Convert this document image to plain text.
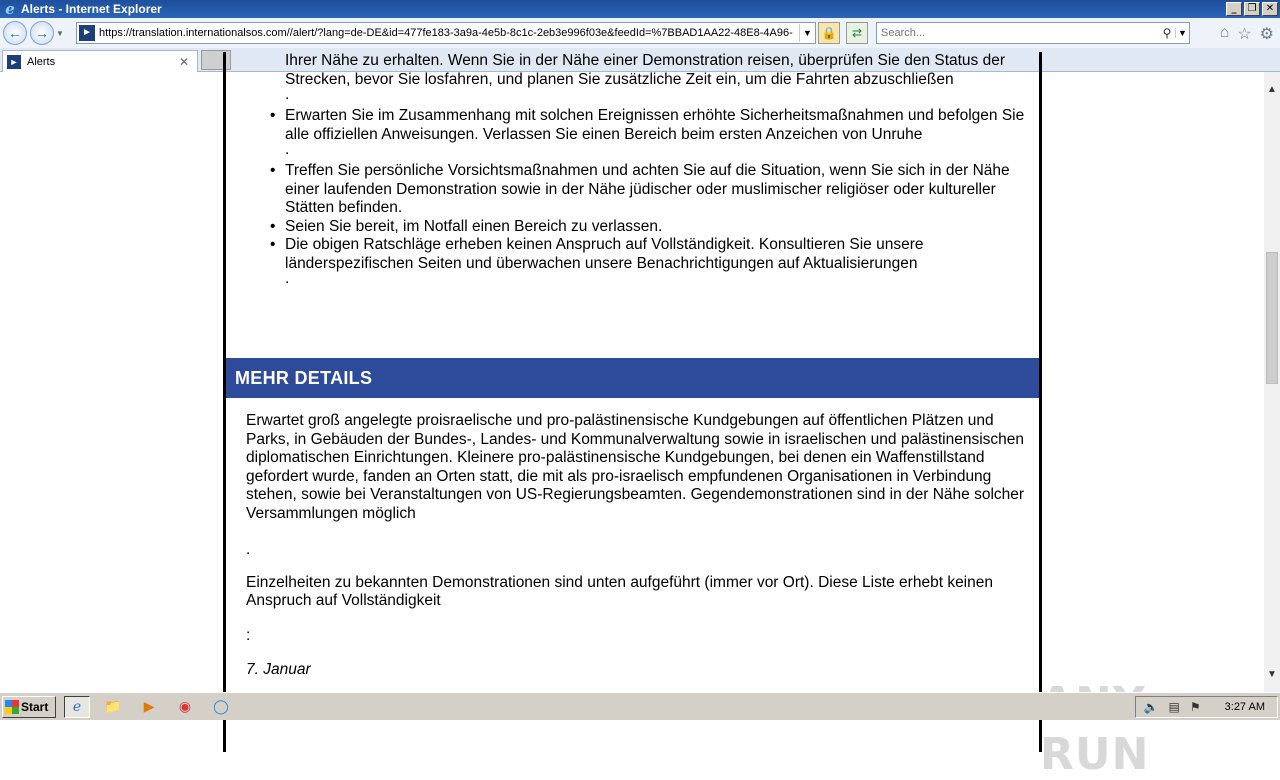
e Alerts - Internet Explorer	_	❐ ✕
← → ▼	► https://translation.internationalsos.com//alert/?lang=de-DE&id=477fe183-3a9a-4e5b-8c1c-2eb3e996f03e&feedId=%7BBAD1AA22-48E8-4A96-	▼ 🔒	⇄
Search...	⚲ ▼ ⌂ ☆ ⚙
► Alerts	✕	Ihrer Nähe zu erhalten. Wenn Sie in der Nähe einer Demonstration reisen, überprüfen Sie den Status der Strecken, bevor Sie losfahren, und planen Sie zusätzliche Zeit ein, um die Fahrten abzuschließen
.
• Erwarten Sie im Zusammenhang mit solchen Ereignissen erhöhte Sicherheitsmaßnahmen und befolgen Sie alle offiziellen Anweisungen. Verlassen Sie einen Bereich beim ersten Anzeichen von Unruhe
.
• Treffen Sie persönliche Vorsichtsmaßnahmen und achten Sie auf die Situation, wenn Sie sich in der Nähe einer laufenden Demonstration sowie in der Nähe jüdischer oder muslimischer religiöser oder kultureller Stätten befinden.
• Seien Sie bereit, im Notfall einen Bereich zu verlassen.
• Die obigen Ratschläge erheben keinen Anspruch auf Vollständigkeit. Konsultieren Sie unsere länderspezifischen Seiten und überwachen unsere Benachrichtigungen auf Aktualisierungen
.
MEHR DETAILS

Erwartet groß angelegte proisraelische und pro-palästinensische Kundgebungen auf öffentlichen Plätzen und Parks, in Gebäuden der Bundes-, Landes- und Kommunalverwaltung sowie in israelischen und palästinensischen diplomatischen Einrichtungen. Kleinere pro-palästinensische Kundgebungen, bei denen ein Waffenstillstand gefordert wurde, fanden an Orten statt, die mit als pro-israelisch empfundenen Organisationen in Verbindung stehen, sowie bei Veranstaltungen von US-Regierungsbeamten. Gegendemonstrationen sind in der Nähe solcher Versammlungen möglich

.

Einzelheiten zu bekannten Demonstrationen sind unten aufgeführt (immer vor Ort). Diese Liste erhebt keinen Anspruch auf Vollständigkeit

:

7. Januar

RUN
▲
▼
Start	e	📁	▶	◉	◯	🔈 ▤ ⚑ 3:27 AM
